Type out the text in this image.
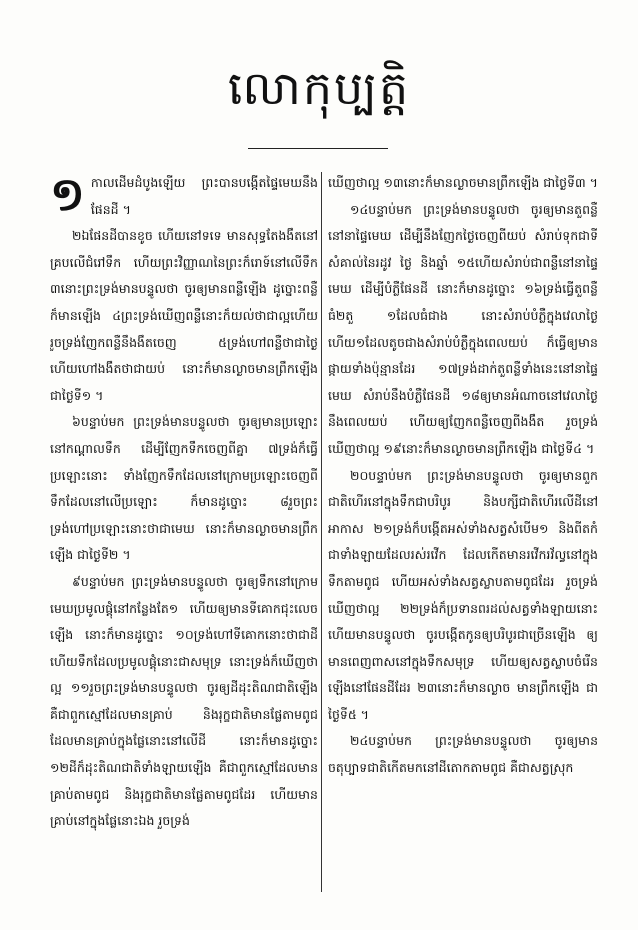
លោកុប្បត្តិ

១ កាលដើមដំបូងឡើយ ព្រះបានបង្កើតផ្ទៃមេឃនឹងផែនដី ។

២ឯផែនដីបានខូច ហើយនៅទទេ មានសុទ្ធតែងងឹតនៅគ្របលើជំរៅទឹក ហើយព្រះវិញ្ញាណនៃព្រះក៏រោទ៍នៅលើទឹក ៣នោះព្រះទ្រង់មានបន្ទូលថា ចូរឲ្យមានពន្លឺឡើង ដូច្នោះពន្លឺក៏មានឡើង ៤ព្រះទ្រង់ឃើញពន្លឺនោះក៏យល់ថាជាល្អហើយ រួចទ្រង់ញែកពន្លឺនឹងងឹតចេញ ៥ទ្រង់ហៅពន្លឺថាជាថ្ងៃ ហើយហៅងងឹតថាជាយប់ នោះក៏មានល្ងាចមានព្រឹកឡើង ជាថ្ងៃទី១ ។

៦បន្ទាប់មក ព្រះទ្រង់មានបន្ទូលថា ចូរឲ្យមានប្រឡោះនៅកណ្តាលទឹក ដើម្បីញែកទឹកចេញពីគ្នា ៧ទ្រង់ក៏ធ្វើប្រឡោះនោះ ទាំងញែកទឹកដែលនៅក្រោមប្រឡោះចេញពីទឹកដែលនៅលើប្រឡោះ ក៏មានដូច្នោះ ៨រួចព្រះទ្រង់ហៅប្រឡោះនោះថាជាមេឃ នោះក៏មានល្ងាចមានព្រឹកឡើង ជាថ្ងៃទី២ ។

៩បន្ទាប់មក ព្រះទ្រង់មានបន្ទូលថា ចូរឲ្យទឹកនៅក្រោមមេឃប្រមូលផ្តុំនៅកន្លែងតែ១ ហើយឲ្យមានទីគោកជុះលេចឡើង នោះក៏មានដូច្នោះ ១០ទ្រង់ហៅទីគោកនោះថាជាដី ហើយទឹកដែលប្រមូលផ្តុំនោះជាសមុទ្រ នោះទ្រង់ក៏ឃើញថាល្អ ១១រួចព្រះទ្រង់មានបន្ទូលថា ចូរឲ្យដីដុះតិណជាតិឡើង គឺជាពួកស្មៅដែលមានគ្រាប់ និងរុក្ខជាតិមានផ្លែតាមពូជ ដែលមានគ្រាប់ក្នុងផ្លែនោះនៅលើដី នោះក៏មានដូច្នោះ ១២ដីក៏ដុះតិណជាតិទាំងឡាយឡើង គឺជាពួកស្មៅដែលមានគ្រាប់តាមពូជ និងរុក្ខជាតិមានផ្លែតាមពូជដែរ ហើយមានគ្រាប់នៅក្នុងផ្លែនោះឯង រួចទ្រង់

ឃើញថាល្អ ១៣នោះក៏មានល្ងាចមានព្រឹកឡើង ជាថ្ងៃទី៣ ។

១៤បន្ទាប់មក ព្រះទ្រង់មានបន្ទូលថា ចូរឲ្យមានតួពន្លឺនៅនាផ្ទៃមេឃ ដើម្បីនឹងញែកថ្ងៃចេញពីយប់ សំរាប់ទុកជាទីសំគាល់នៃរដូវ ថ្ងៃ និងឆ្នាំ ១៥ហើយសំរាប់ជាពន្លឺនៅនាផ្ទៃមេឃ ដើម្បីបំភ្លឺផែនដី នោះក៏មានដូច្នោះ ១៦ទ្រង់ធ្វើតួពន្លឺធំ២តួ ១ដែលធំជាង នោះសំរាប់បំភ្លឺក្នុងវេលាថ្ងៃ ហើយ១ដែលតូចជាងសំរាប់បំភ្លឺក្នុងពេលយប់ ក៏ធ្វើឲ្យមានផ្កាយទាំងប៉ុន្មានដែរ ១៧ទ្រង់ដាក់តួពន្លឺទាំងនេះនៅនាផ្ទៃមេឃ សំរាប់នឹងបំភ្លឺផែនដី ១៨ឲ្យមានអំណាចនៅវេលាថ្ងៃនឹងពេលយប់ ហើយឲ្យញែកពន្លឺចេញពីងងឹត រួចទ្រង់ឃើញថាល្អ ១៩នោះក៏មានល្ងាចមានព្រឹកឡើង ជាថ្ងៃទី៤ ។

២០បន្ទាប់មក ព្រះទ្រង់មានបន្ទូលថា ចូរឲ្យមានពួកជាតិហើរនៅក្នុងទឹកជាបរិបូរ និងបក្សីជាតិហើរលើដីនៅអាកាស ២១ទ្រង់ក៏បង្កើតអស់ទាំងសត្វសំបើម១ និងពីតកំជាទាំងឡាយដែលរស់រវើក ដែលកើតមានរវើករវ័ល្វនៅក្នុងទឹកតាមពូជ ហើយអស់ទាំងសត្វស្លាបតាមពូជដែរ រួចទ្រង់ឃើញថាល្អ ២២ទ្រង់ក៏ប្រទានពរដល់សត្វទាំងឡាយនោះ ហើយមានបន្ទូលថា ចូរបង្កើតកូនឲ្យបរិបូរជាច្រើនឡើង ឲ្យមានពេញពាសនៅក្នុងទឹកសមុទ្រ ហើយឲ្យសត្វស្លាបចំរើនឡើងនៅផែនដីដែរ ២៣នោះក៏មានល្ងាច មានព្រឹកឡើង ជាថ្ងៃទី៥ ។

២៤បន្ទាប់មក ព្រះទ្រង់មានបន្ទូលថា ចូរឲ្យមានចតុប្បាទជាតិកើតមកនៅដីតោកតាមពូជ គឺជាសត្វស្រុក
